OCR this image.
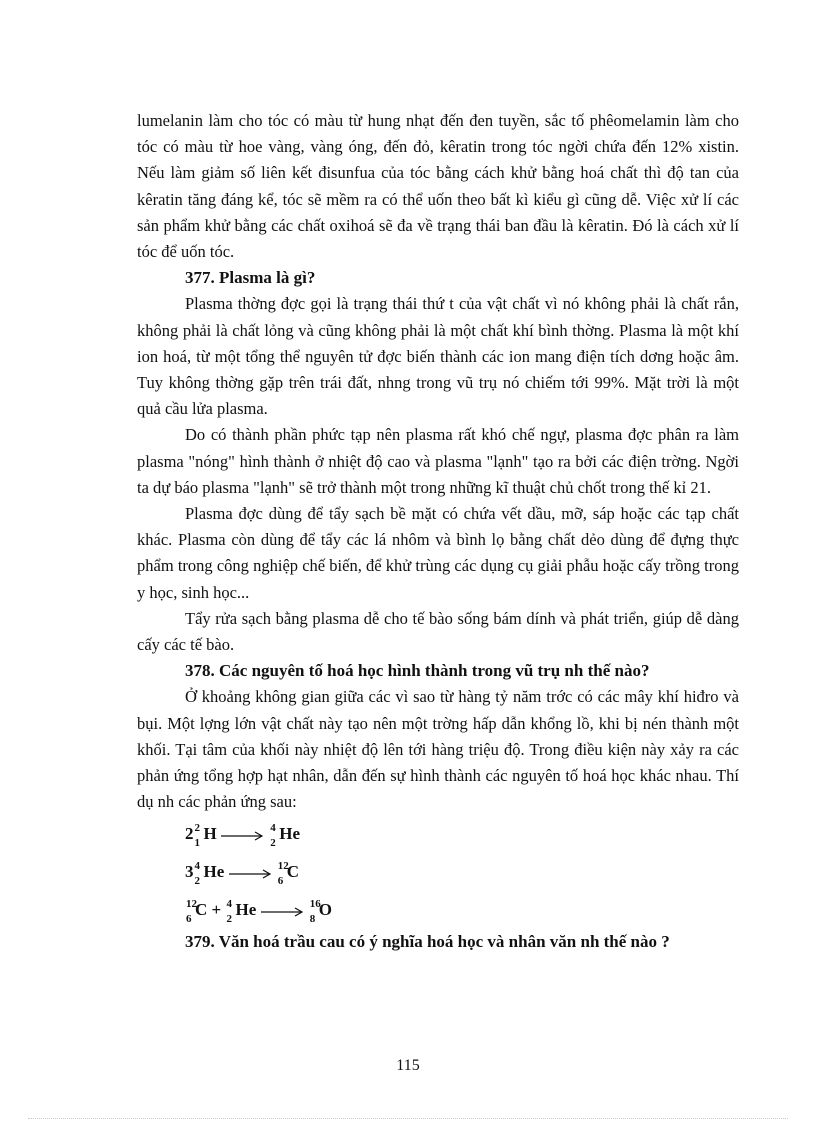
lumelanin làm cho tóc có màu từ hung nhạt đến đen tuyền, sắc tố phêomelamin làm cho tóc có màu từ hoe vàng, vàng óng, đến đỏ, kêratin trong tóc ngời chứa đến 12% xistin. Nếu làm giảm số liên kết đisunfua của tóc bằng cách khử bằng hoá chất thì độ tan của kêratin tăng đáng kể, tóc sẽ mềm ra có thể uốn theo bất kì kiểu gì cũng dễ. Việc xử lí các sản phẩm khử bằng các chất oxihoá sẽ đa về trạng thái ban đầu là kêratin. Đó là cách xử lí tóc để uốn tóc.

377. Plasma là gì?

Plasma thờng đợc gọi là trạng thái thứ t của vật chất vì nó không phải là chất rắn, không phải là chất lỏng và cũng không phải là một chất khí bình thờng. Plasma là một khí ion hoá, từ một tổng thể nguyên tử đợc biến thành các ion mang điện tích dơng hoặc âm. Tuy không thờng gặp trên trái đất, nhng trong vũ trụ nó chiếm tới 99%. Mặt trời là một quả cầu lửa plasma.

Do có thành phần phức tạp nên plasma rất khó chế ngự, plasma đợc phân ra làm plasma "nóng" hình thành ở nhiệt độ cao và plasma "lạnh" tạo ra bởi các điện trờng. Ngời ta dự báo plasma "lạnh" sẽ trở thành một trong những kĩ thuật chủ chốt trong thế kỉ 21.

Plasma đợc dùng để tẩy sạch bề mặt có chứa vết dầu, mỡ, sáp hoặc các tạp chất khác. Plasma còn dùng để tẩy các lá nhôm và bình lọ bằng chất dẻo dùng để đựng thực phẩm trong công nghiệp chế biến, để khử trùng các dụng cụ giải phẫu hoặc cấy trồng trong y học, sinh học...

Tẩy rửa sạch bằng plasma dễ cho tế bào sống bám dính và phát triển, giúp dễ dàng cấy các tế bào.

378. Các nguyên tố hoá học hình thành trong vũ trụ nh thế nào?

Ở khoảng không gian giữa các vì sao từ hàng tỷ năm trớc có các mây khí hiđro và bụi. Một lợng lớn vật chất này tạo nên một trờng hấp dẫn khổng lồ, khi bị nén thành một khối. Tại tâm của khối này nhiệt độ lên tới hàng triệu độ. Trong điều kiện này xảy ra các phản ứng tổng hợp hạt nhân, dẫn đến sự hình thành các nguyên tố hoá học khác nhau. Thí dụ nh các phản ứng sau:

2 2
1 H →
4
2 He
3 4
2 He →
12
6 C
12
6 C + 4
2 He →
16
8 O

379. Văn hoá trầu cau có ý nghĩa hoá học và nhân văn nh thế nào ?

115
